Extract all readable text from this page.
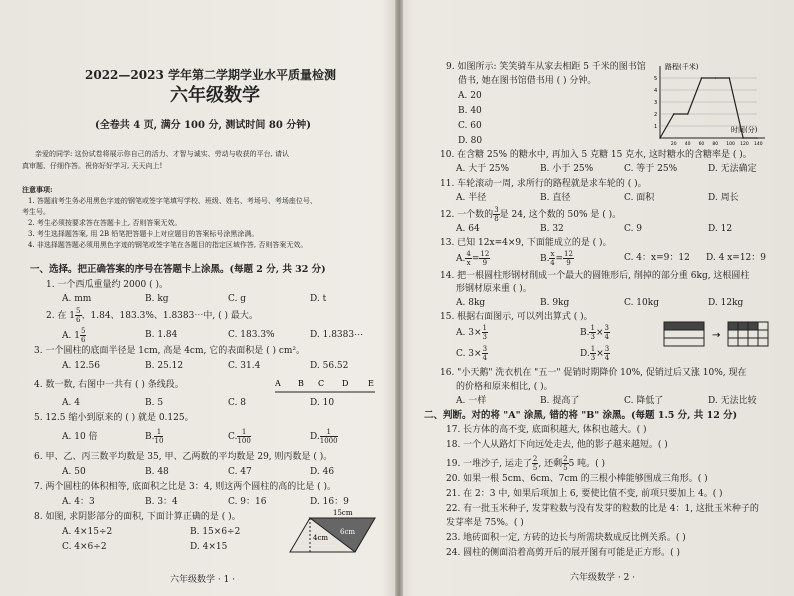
2022—2023 学年第二学期学业水平质量检测
六年级数学
(全卷共 4 页, 满分 100 分, 测试时间 80 分钟)
亲爱的同学: 这份试卷将展示你自己的活力、才智与诚实、劳动与收获的平台, 请认
真审题、仔细作答。祝你好好学习, 天天向上!
注意事项:
1. 答题前考生务必用黑色字迹的钢笔或签字笔填写学校、班级、姓名、考场号、考场座位号、
考生号。
2. 考生必须按要求答在答题卡上, 否则答案无效。
3. 考生选择题答案, 用 2B 铅笔把答题卡上对应题目的答案标号涂黑涂满。
4. 非选择题答题必须用黑色字迹的钢笔或签字笔在各题目的指定区域作答, 否则答案无效。
一、选择。把正确答案的序号在答题卡上涂黑。(每题 2 分, 共 32 分)
1. 一个西瓜重量约 2000 ( )。
A. mm	B. kg	C. g	D. t
2. 在 $1 \frac{5}{6}$ 、1.84、183.3%、1.8383⋯中, ( ) 最大。
A. $1 \frac{5}{6}$	B. 1.84	C. 183.3%	D. 1.8383⋯
3. 一个圆柱的底面半径是 1cm, 高是 4cm, 它的表面积是 ( ) cm²。
A. 12.56	B. 25.12	C. 31.4	D. 56.52
4. 数一数, 右图中一共有 ( ) 条线段。	A B C D E
A. 4	B. 5	C. 8	D. 10
5. 12.5 缩小到原来的 ( ) 就是 0.125。
A. 10 倍	B. $\frac{1}{10}$	C. $\frac{1}{100}$	D. $\frac{1}{1000}$
6. 甲、乙、丙三数平均数是 35, 甲、乙两数的平均数是 29, 则丙数是 ( )。
A. 50	B. 48	C. 47	D. 46
7. 两个圆柱的体积相等, 底面积之比是 3：4, 则这两个圆柱的高的比是 ( )。
A. 4：3	B. 3：4	C. 9：16	D. 16：9
8. 如图, 求阴影部分的面积, 下面计算正确的是 ( )。
A. 4×15÷2	B. 15×6÷2
C. 4×6÷2	D. 4×15
15cm
6cm
4cm
六年级数学 · 1 ·
9. 如图所示: 笑笑骑车从家去相距 5 千米的图书馆
借书, 她在图书馆借书用 ( ) 分钟。
A. 20
B. 40
C. 60
D. 80
路程(千米)
时间(分)
20 40 60 80 100 120 140
1
2
3
4
5
10. 在含糖 25% 的糖水中, 再加入 5 克糖 15 克水, 这时糖水的含糖率是 ( )。
A. 大于 25%	B. 小于 25%	C. 等于 25%	D. 无法确定
11. 车轮滚动一周, 求所行的路程就是求车轮的 ( )。
A. 半径	B. 直径	C. 面积	D. 周长
12. 一个数的 $\frac{3}{8}$ 是 24, 这个数的 50% 是 ( )。
A. 64	B. 32	C. 9	D. 12
13. 已知 12x=4×9, 下面能成立的是 ( )。
A. $\frac{4}{x} = \frac{12}{9}$	B. $\frac{x}{4} = \frac{12}{9}$	C. 4：x=9：12 D. 4 x=12：9
14. 把一根圆柱形钢材削成一个最大的圆锥形后, 削掉的部分重 6kg, 这根圆柱
形钢材原来重 ( )。
A. 8kg	B. 9kg	C. 10kg	D. 12kg
15. 根据右面图示, 可以列出算式 ( )。
A. $3\times \frac{1}{3}$	B. $\frac{1}{3} \times \frac{3}{4}$
C. $3\times \frac{3}{4}$	D. $\frac{1}{3} \times \frac{3}{4}$
→
16. "小天鹅" 洗衣机在 "五一" 促销时期降价 10%, 促销过后又涨 10%, 现在
的价格和原来相比, ( )。
A. 一样	B. 提高了	C. 降低了	D. 无法比较
二、判断。对的将 "A" 涂黑, 错的将 "B" 涂黑。(每题 1.5 分, 共 12 分)
17. 长方体的高不变, 底面积越大, 体积也越大。( )
18. 一个人从路灯下向远处走去, 他的影子越来越短。( )
19. 一堆沙子, 运走了 $\frac{2}{5}$ , 还剩 $\frac{2}{5} 5$ 吨。( )
20. 如果一根 5cm、6cm、7cm 的三根小棒能够围成三角形。( )
21. 在 2：3 中, 如果后项加上 6, 要使比值不变, 前项只要加上 4。( )
22. 有一批玉米种子, 发芽粒数与没有发芽的粒数的比是 4：1, 这批玉米种子的
发芽率是 75%。( )
23. 地砖面积一定, 方砖的边长与所需块数成反比例关系。( )
24. 圆柱的侧面沿着高剪开后的展开图有可能是正方形。( )
六年级数学 · 2 ·
